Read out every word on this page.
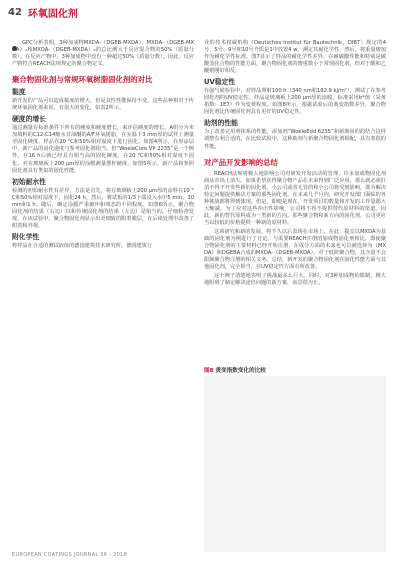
42 环氧固化剂

GPC分析表明，3种加成物MXDA-（DGEB-MXDA），MXDA-（DGEB-MXDA）₂和MXDA-（DGEB-MXDA）₂的总比例大于反应混合物的50%（质量分数）。在反应产物中，3种加成物中没有一种超过50%（质量分数）。因此，反应产物符合REACH法规规定的聚合物定义。

聚合物固化剂与常规环氧树脂固化剂的对比
黏度

新开发的产品可以造成黏度的增大，但是其性性能保持不变。这些品种相对于传统环氧固化剂来说，有很大的变化，如表2所示。

硬度的增长

通过测量有标准条件下所有的硬度和硬度增长，来评估硬度的增长。A组分为未加填料的C12-C14缩水甘油醚的A/F环氧树脂，在室温下3 mm厚的试样上测量至固化硬度。样品在20 °C和50%相对湿度下进行固化。如图4所示，在厚涂层中，新产品的固化速度与参考固化剂相当，但“WoeleCure VP 2235”是一个例外。在16 h后就已经具有相当高的固化硬度，在20 °C和50%相对湿度下固化。对在玻璃板上200 μm厚的涂膜测量摆杆硬度，如图5所示，新产品和参照固化剂具有类似的固化性能。

初始耐水性

检测的初始耐水性有差异。方法是首先，将在玻璃板上200 μm厚的涂料在10 °C和50%相对湿度下，固化24 h。然后，将试板的1/3下端浸入水中5 min、30 min和1 h。随后，确定涂膜严重破坏和残态的不同程度。如图6所示，聚合物固化剂的结果（右边）以和传统固化剂的结果（左边）是相当的。仔细检查发现，在该试验中，聚合物固化剂显示出更细致的附着膜层，在后续处理中改善了附着和外观。

附化学性

将样品在合适的测试液体的德国建筑技术研究所，德国建筑行

业的技术权威机构（Deutsches Institut für Bautechnik，DIBT）规定的4号、5号、9号和10号介质是1中放置4 w。测定其耐化学性，然后，将重量增加作为耐化学性标准。图7显示了样品的耐化学性差异。在耐碳酸性能和特别是碳酸氢化合物的性能方面，聚合物固化剂的增重数小于常规固化剂，但对于酸和乙醚则刚好相反。

UV稳定性

在强气候检验中，对样品照射100 h（340 nm和182.9 kJ/m²），测试了在参考固化剂的UV稳定性。样品是玻璃板上200 μm厚的涂膜，标准采用b*值（采黄指数：1E7）作为变黄程度。如图8所示，根据试验后的黄变指数差异，聚合物固化剂比传统固化剂具有更好的UV稳定性。

助剂的性能

为了改善完用剂体系的性能，添加剂“WoeleEdd 6235”和新离固的的结合这样调整有利合适的。在比较试验中，这种助剂与新聚合物固化剂相配，具有着很的性能。

对产品开发影响的总结

REACH法规将极大地影响公司对研发开发活动的管理，许多加成物固化剂商从市场上消失。如果希望获得聚合物产品在未来得到广泛应用，那么就必须打消不得不开发些新的固化剂。小公司或者无管的和小公司将受到影响，即为解决特定问题提供解决方案的那些固化剂。在未来几个月内，研究开发部门面临的各种挑战都将得到体现。但是，即便是现在，开发项目的数量和开发的工作量都大大缩减。为了应对这些冲击性影响，公司将不得不提供替代原材料的渠道。因此，新的替代原料成为一类新的方向。那些聚合物和新方向的固化剂，公司更应当以较低的价格提供一种新的原材料。

这项研究和新的发展，将不久以后表现在市场上，在此，提交以MXDA为基础的固化剂为例进行了讨论。与需要REACH注册的加成物固化剂相比，即使聚合物固化剂的主要材料已经开始注册，在成分方面的未来也可以被选择为（MXDA）和DGEBA合成的MXDA-（DGEB-MXDA），对于低阶聚合物，其含量不会限制聚合物注册的相关义务。总结，新开发的聚合物固化剂在固化性能方面与其他固化剂，完全相当，在UV稳定性方面有所改善。

这个例子清楚地表明了挑战最多么巨大。同时，对3种加成物的限制，极大地阻碍了制定解决途径问题的新方案，前景很为止。

图8 黄变指数变化的比较
EUROPEAN COATINGS JOURNAL 06 - 2018
